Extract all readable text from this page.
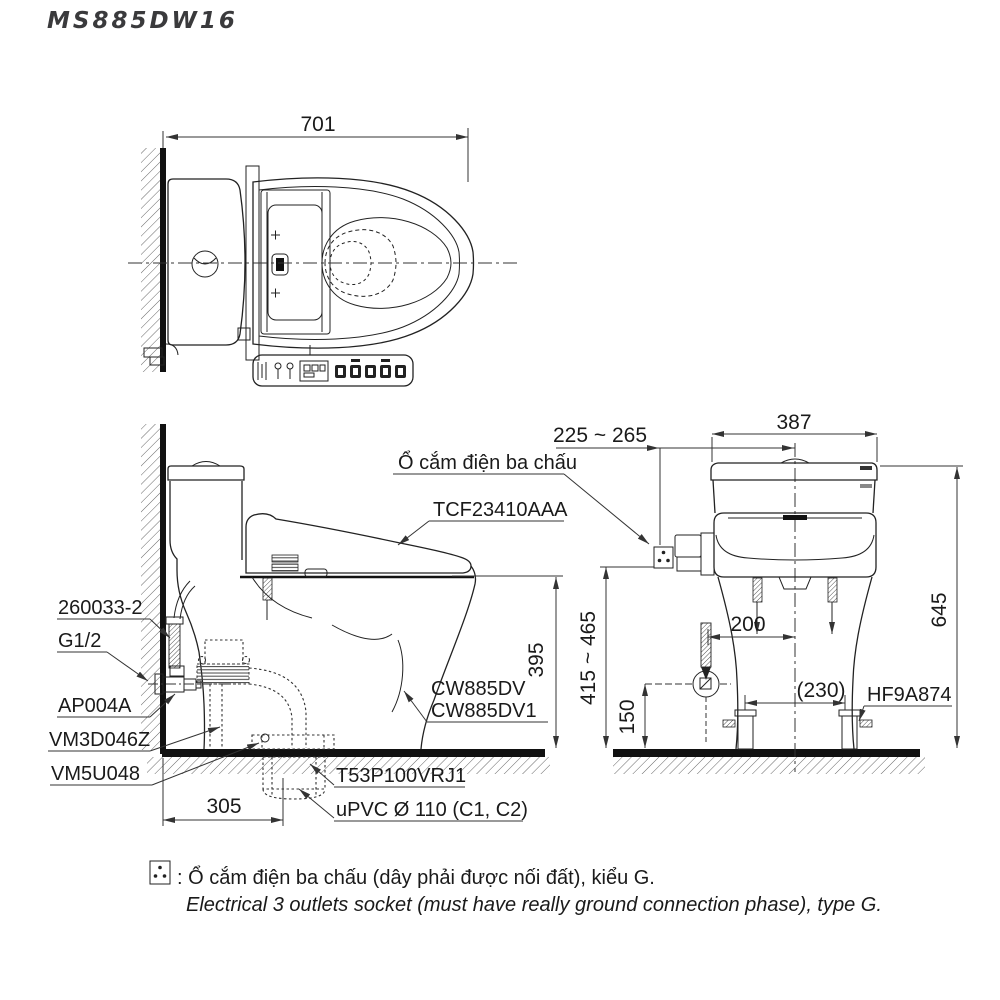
MS885DW16
701
395
305
260033-2
G1/2
AP004A
VM3D046Z
VM5U048	T53P100VRJ1
uPVC Ø 110 (C1, C2)
CW885DV
CW885DV1
TCF23410AAA
Ổ cắm điện ba chấu
387
225 ~ 265
645
415 ~ 465
150
200
(230) HF9A874
: Ổ cắm điện ba chấu (dây phải được nối đất), kiểu G.
Electrical 3 outlets socket (must have really ground connection phase), type G.
